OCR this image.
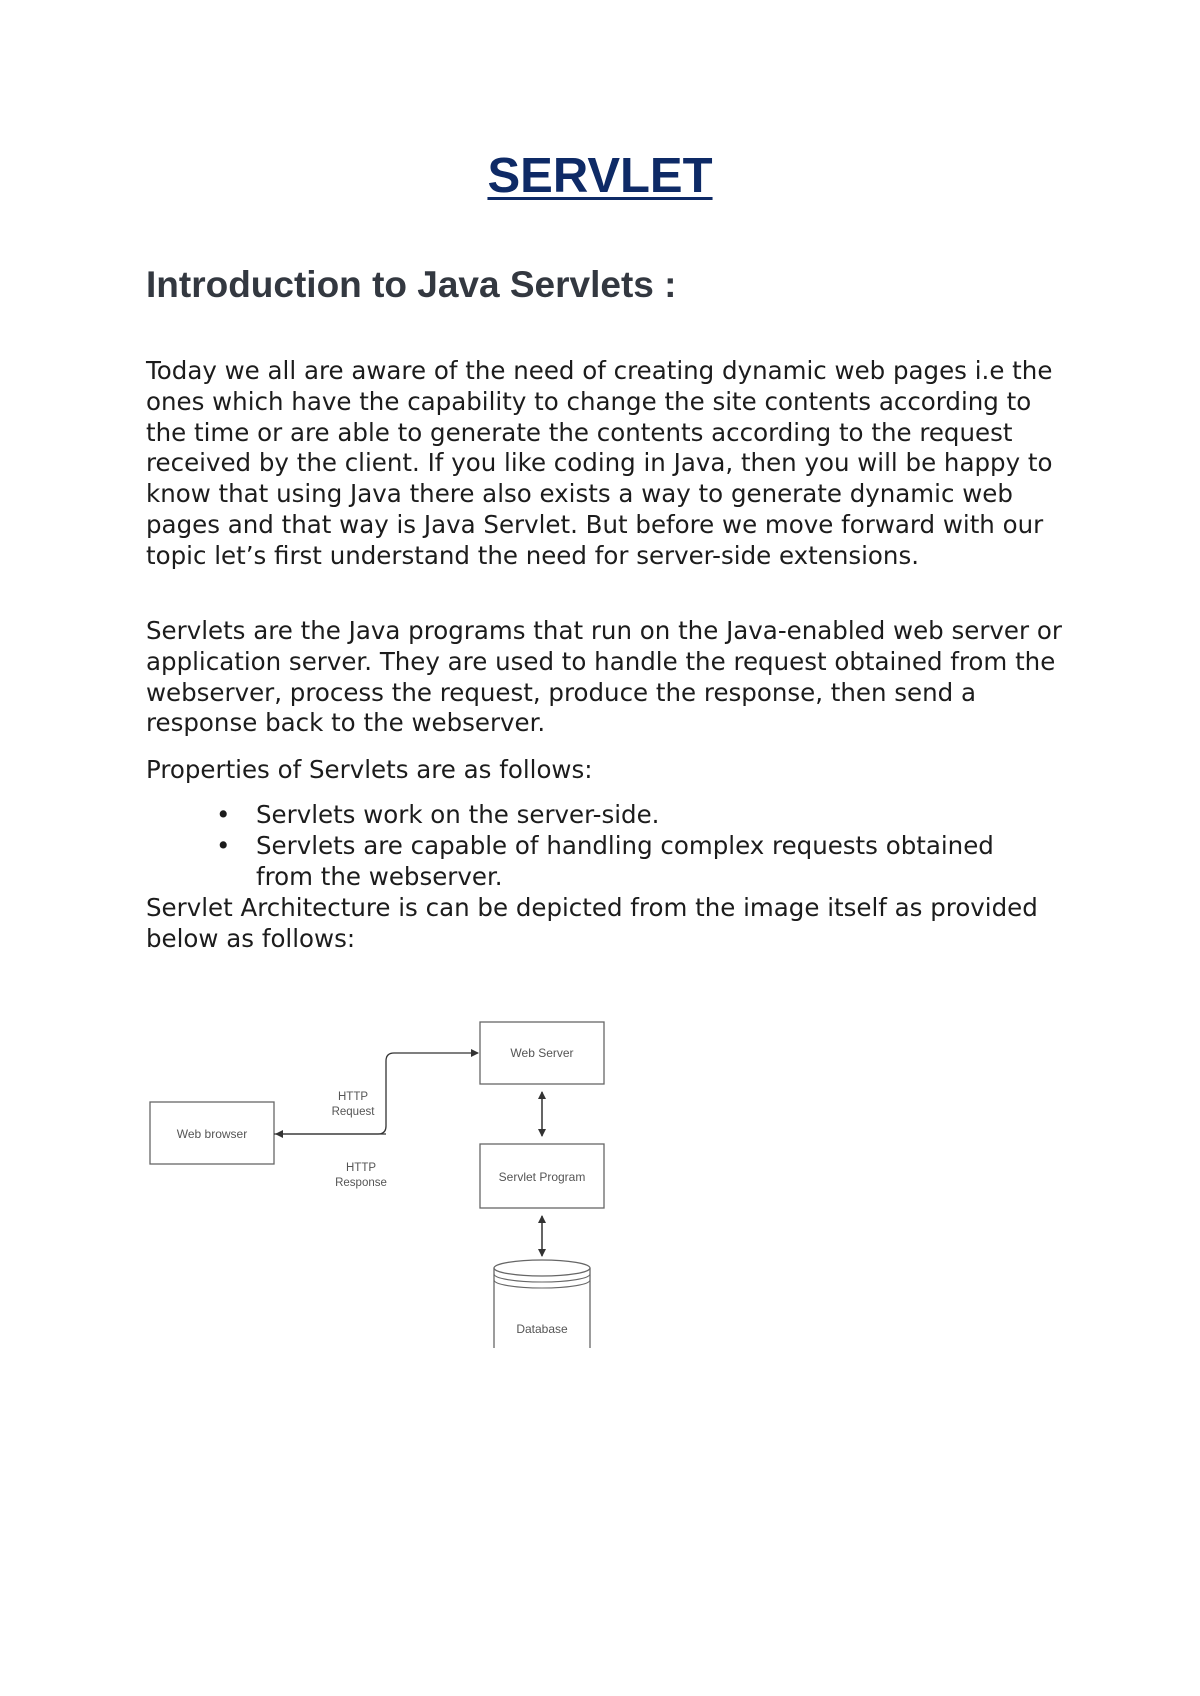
SERVLET
Introduction to Java Servlets :

Today we all are aware of the need of creating dynamic web pages i.e the ones which have the capability to change the site contents according to the time or are able to generate the contents according to the request received by the client. If you like coding in Java, then you will be happy to know that using Java there also exists a way to generate dynamic web pages and that way is Java Servlet. But before we move forward with our topic let’s first understand the need for server-side extensions.

Servlets are the Java programs that run on the Java-enabled web server or application server. They are used to handle the request obtained from the webserver, process the request, produce the response, then send a response back to the webserver.

Properties of Servlets are as follows:

• Servlets work on the server-side.
• Servlets are capable of handling complex requests obtained from the webserver.

Servlet Architecture is can be depicted from the image itself as provided below as follows:

Web browser
Web Server
Servlet Program
Database
HTTP
Request
HTTP
Response
